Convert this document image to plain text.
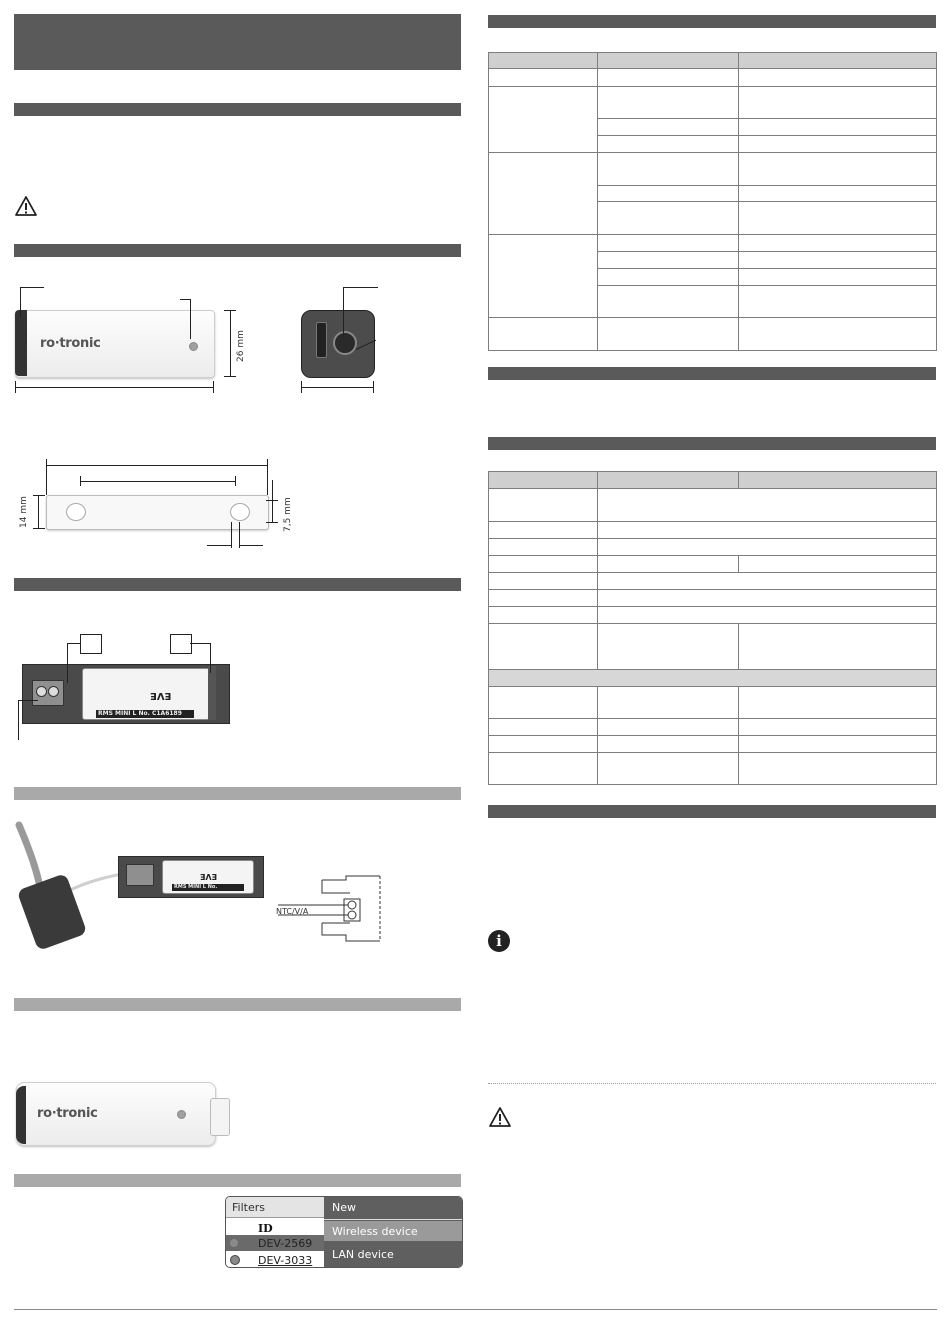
ro·tronic	26 mm
14 mm	7,5 mm
EVE
RMS MINI L No. C1A6189
EVE
RMS MINI L No.
NTC/V/A
ro·tronic
Filters
ID
DEV-2569
DEV-3033
New
Wireless device
LAN device

i
